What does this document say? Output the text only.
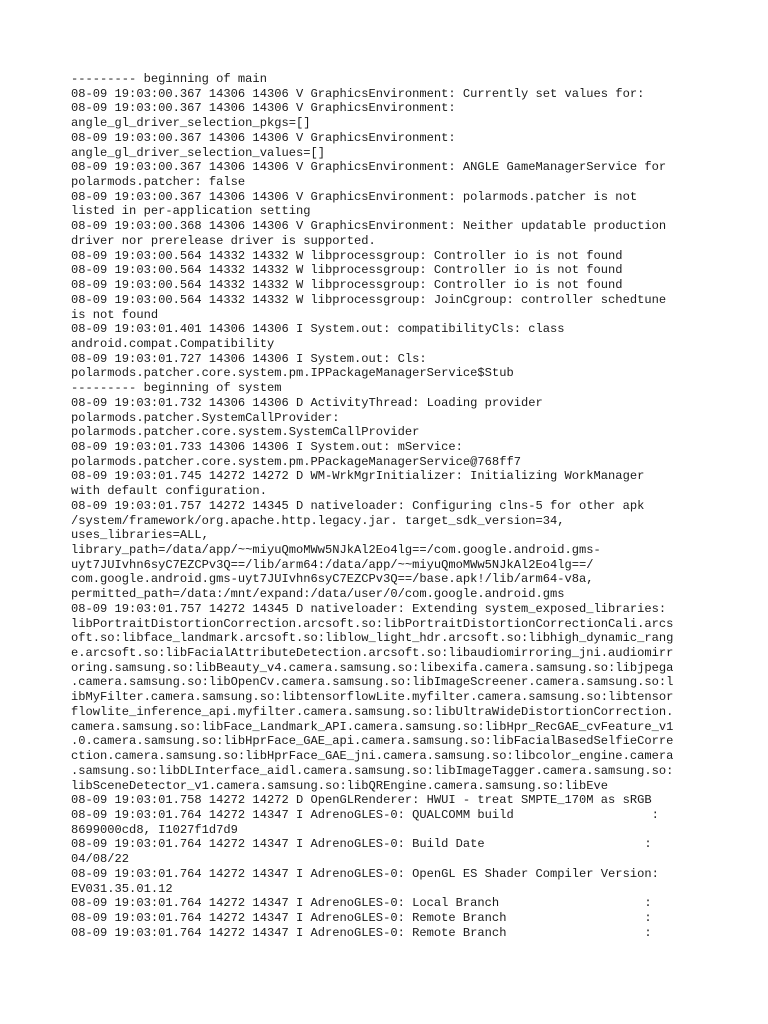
--------- beginning of main
08-09 19:03:00.367 14306 14306 V GraphicsEnvironment: Currently set values for:
08-09 19:03:00.367 14306 14306 V GraphicsEnvironment:
angle_gl_driver_selection_pkgs=[]
08-09 19:03:00.367 14306 14306 V GraphicsEnvironment:
angle_gl_driver_selection_values=[]
08-09 19:03:00.367 14306 14306 V GraphicsEnvironment: ANGLE GameManagerService for
polarmods.patcher: false
08-09 19:03:00.367 14306 14306 V GraphicsEnvironment: polarmods.patcher is not
listed in per-application setting
08-09 19:03:00.368 14306 14306 V GraphicsEnvironment: Neither updatable production
driver nor prerelease driver is supported.
08-09 19:03:00.564 14332 14332 W libprocessgroup: Controller io is not found
08-09 19:03:00.564 14332 14332 W libprocessgroup: Controller io is not found
08-09 19:03:00.564 14332 14332 W libprocessgroup: Controller io is not found
08-09 19:03:00.564 14332 14332 W libprocessgroup: JoinCgroup: controller schedtune
is not found
08-09 19:03:01.401 14306 14306 I System.out: compatibilityCls: class
android.compat.Compatibility
08-09 19:03:01.727 14306 14306 I System.out: Cls:
polarmods.patcher.core.system.pm.IPPackageManagerService$Stub
--------- beginning of system
08-09 19:03:01.732 14306 14306 D ActivityThread: Loading provider
polarmods.patcher.SystemCallProvider:
polarmods.patcher.core.system.SystemCallProvider
08-09 19:03:01.733 14306 14306 I System.out: mService:
polarmods.patcher.core.system.pm.PPackageManagerService@768ff7
08-09 19:03:01.745 14272 14272 D WM-WrkMgrInitializer: Initializing WorkManager
with default configuration.
08-09 19:03:01.757 14272 14345 D nativeloader: Configuring clns-5 for other apk
/system/framework/org.apache.http.legacy.jar. target_sdk_version=34,
uses_libraries=ALL,
library_path=/data/app/~~miyuQmoMWw5NJkAl2Eo4lg==/com.google.android.gms-
uyt7JUIvhn6syC7EZCPv3Q==/lib/arm64:/data/app/~~miyuQmoMWw5NJkAl2Eo4lg==/
com.google.android.gms-uyt7JUIvhn6syC7EZCPv3Q==/base.apk!/lib/arm64-v8a,
permitted_path=/data:/mnt/expand:/data/user/0/com.google.android.gms
08-09 19:03:01.757 14272 14345 D nativeloader: Extending system_exposed_libraries:
libPortraitDistortionCorrection.arcsoft.so:libPortraitDistortionCorrectionCali.arcs
oft.so:libface_landmark.arcsoft.so:liblow_light_hdr.arcsoft.so:libhigh_dynamic_rang
e.arcsoft.so:libFacialAttributeDetection.arcsoft.so:libaudiomirroring_jni.audiomirr
oring.samsung.so:libBeauty_v4.camera.samsung.so:libexifa.camera.samsung.so:libjpega
.camera.samsung.so:libOpenCv.camera.samsung.so:libImageScreener.camera.samsung.so:l
ibMyFilter.camera.samsung.so:libtensorflowLite.myfilter.camera.samsung.so:libtensor
flowlite_inference_api.myfilter.camera.samsung.so:libUltraWideDistortionCorrection.
camera.samsung.so:libFace_Landmark_API.camera.samsung.so:libHpr_RecGAE_cvFeature_v1
.0.camera.samsung.so:libHprFace_GAE_api.camera.samsung.so:libFacialBasedSelfieCorre
ction.camera.samsung.so:libHprFace_GAE_jni.camera.samsung.so:libcolor_engine.camera
.samsung.so:libDLInterface_aidl.camera.samsung.so:libImageTagger.camera.samsung.so:
libSceneDetector_v1.camera.samsung.so:libQREngine.camera.samsung.so:libEve
08-09 19:03:01.758 14272 14272 D OpenGLRenderer: HWUI - treat SMPTE_170M as sRGB
08-09 19:03:01.764 14272 14347 I AdrenoGLES-0: QUALCOMM build                   :
8699000cd8, I1027f1d7d9
08-09 19:03:01.764 14272 14347 I AdrenoGLES-0: Build Date                      :
04/08/22
08-09 19:03:01.764 14272 14347 I AdrenoGLES-0: OpenGL ES Shader Compiler Version:
EV031.35.01.12
08-09 19:03:01.764 14272 14347 I AdrenoGLES-0: Local Branch                    :
08-09 19:03:01.764 14272 14347 I AdrenoGLES-0: Remote Branch                   :
08-09 19:03:01.764 14272 14347 I AdrenoGLES-0: Remote Branch                   :
